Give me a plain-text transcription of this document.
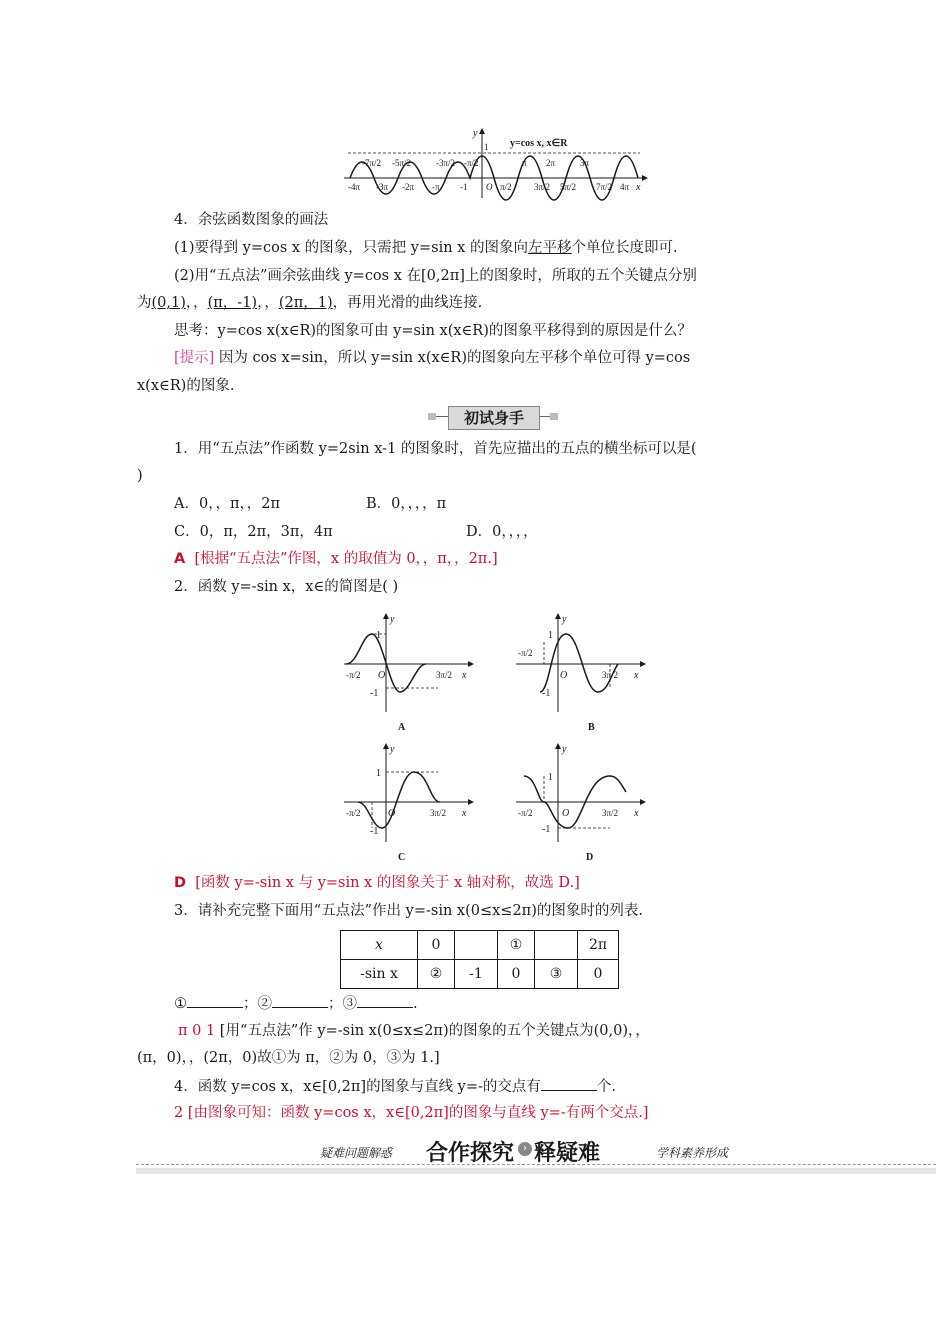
y=cos x, x∈R
y
x
-7π/2 -5π/2	-3π/2 -π/2
1
π 2π	3π
-4π -3π -2π -π -1 O π/2 3π/2 5π/2 7π/2 4π
4．余弦函数图象的画法
(1)要得到 y=cos x 的图象，只需把 y=sin x 的图象向左平移个单位长度即可.
(2)用“五点法”画余弦曲线 y=cos x 在[0,2π]上的图象时，所取的五个关键点分别
为(0,1)，，(π，-1)，，(2π，1)，再用光滑的曲线连接.
思考：y=cos x(x∈R)的图象可由 y=sin x(x∈R)的图象平移得到的原因是什么？
[提示] 因为 cos x=sin，所以 y=sin x(x∈R)的图象向左平移个单位可得 y=cos
x(x∈R)的图象.
初试身手
1．用“五点法”作函数 y=2sin x-1 的图象时，首先应描出的五点的横坐标可以是(
)
A．0，，π，，2π	B．0，，，，π
C．0，π，2π，3π，4π	D．0，，，，
A [根据“五点法”作图，x 的取值为 0，，π，，2π.]
2．函数 y=-sin x，x∈的简图是( )
y
x
1
-1
O
-π/2	3π/2
A
y
x
1
-1
O
-π/2
3π/2
B
y
x
1
-1
O
-π/2	3π/2
C
y
x
1
-1
O
-π/2	3π/2
D
D [函数 y=-sin x 与 y=sin x 的图象关于 x 轴对称，故选 D.]
3．请补充完整下面用“五点法”作出 y=-sin x(0≤x≤2π)的图象时的列表.
x	0		①		2π
-sin x	②	-1	0	③	0
①	；②	；③	.
π 0 1 [用“五点法”作 y=-sin x(0≤x≤2π)的图象的五个关键点为(0,0)，，
(π，0)，，(2π，0)故①为 π，②为 0，③为 1.]
4．函数 y=cos x，x∈[0,2π]的图象与直线 y=-的交点有	个.
2 [由图象可知：函数 y=cos x，x∈[0,2π]的图象与直线 y=-有两个交点.]
疑难问题解惑 合作探究 › 释疑难	学科素养形成
